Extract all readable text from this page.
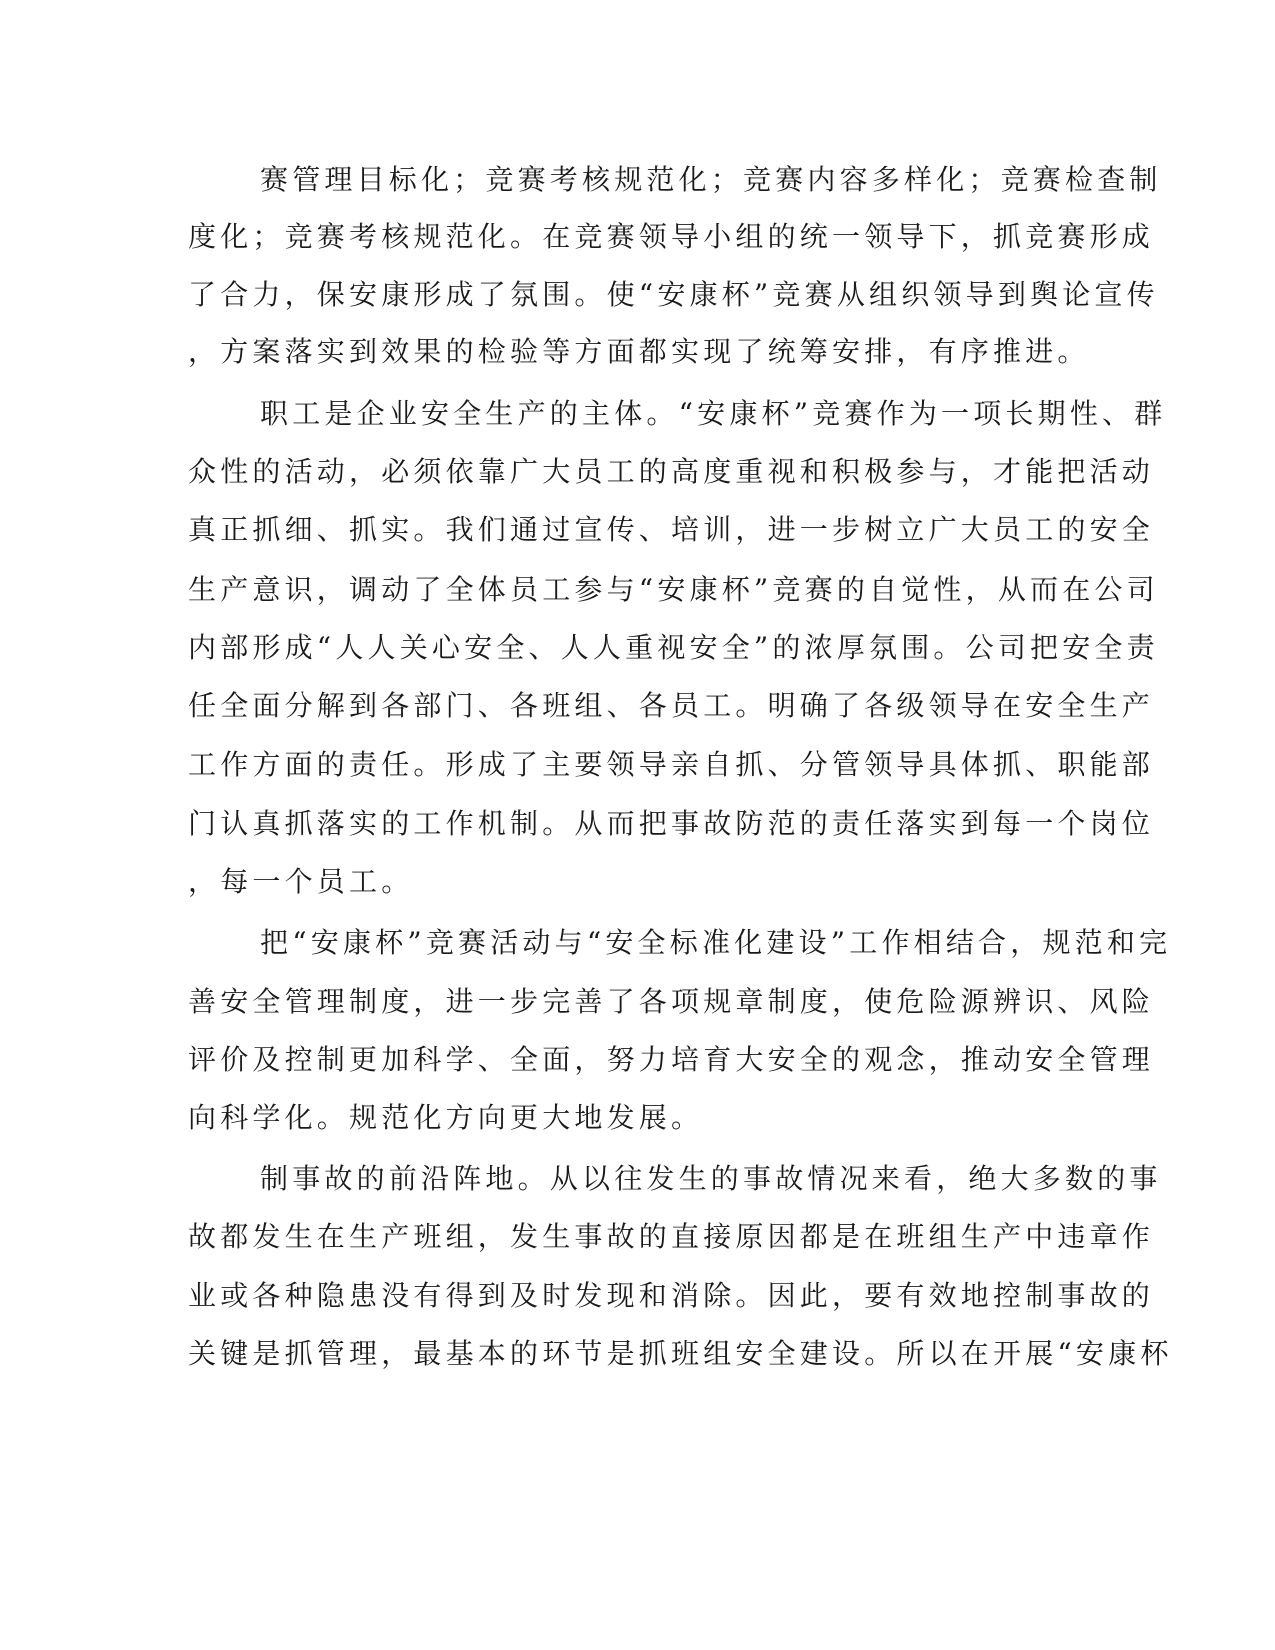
赛管理目标化；竞赛考核规范化；竞赛内容多样化；竞赛检查制
度化；竞赛考核规范化。在竞赛领导小组的统一领导下，抓竞赛形成
了合力，保安康形成了氛围。使“安康杯”竞赛从组织领导到舆论宣传
，方案落实到效果的检验等方面都实现了统筹安排，有序推进。
职工是企业安全生产的主体。“安康杯”竞赛作为一项长期性、群
众性的活动，必须依靠广大员工的高度重视和积极参与，才能把活动
真正抓细、抓实。我们通过宣传、培训，进一步树立广大员工的安全
生产意识，调动了全体员工参与“安康杯”竞赛的自觉性，从而在公司
内部形成“人人关心安全、人人重视安全”的浓厚氛围。公司把安全责
任全面分解到各部门、各班组、各员工。明确了各级领导在安全生产
工作方面的责任。形成了主要领导亲自抓、分管领导具体抓、职能部
门认真抓落实的工作机制。从而把事故防范的责任落实到每一个岗位
，每一个员工。
把“安康杯”竞赛活动与“安全标准化建设”工作相结合，规范和完
善安全管理制度，进一步完善了各项规章制度，使危险源辨识、风险
评价及控制更加科学、全面，努力培育大安全的观念，推动安全管理
向科学化。规范化方向更大地发展。
制事故的前沿阵地。从以往发生的事故情况来看，绝大多数的事
故都发生在生产班组，发生事故的直接原因都是在班组生产中违章作
业或各种隐患没有得到及时发现和消除。因此，要有效地控制事故的
关键是抓管理，最基本的环节是抓班组安全建设。所以在开展“安康杯
